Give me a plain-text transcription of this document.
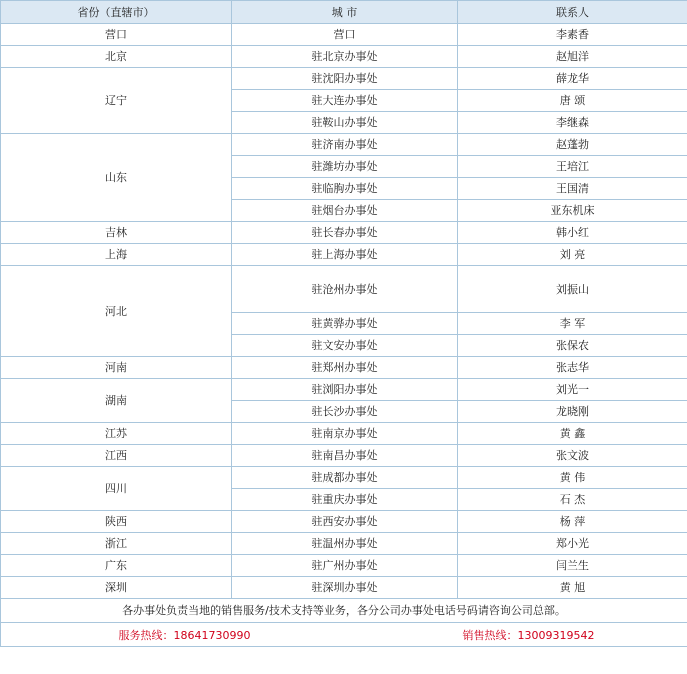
省份（直辖市）	城 市	联系人
营口	营口	李素香
北京	驻北京办事处	赵旭洋
辽宁	驻沈阳办事处	薛龙华
	驻大连办事处	唐 颂
	驻鞍山办事处	李继森
山东	驻济南办事处	赵蓬勃
	驻潍坊办事处	王培江
	驻临朐办事处	王国清
	驻烟台办事处	亚东机床
吉林	驻长春办事处	韩小红
上海	驻上海办事处	刘 亮
河北	驻沧州办事处	刘振山
	驻黄骅办事处	李 军
	驻文安办事处	张保农
河南	驻郑州办事处	张志华
湖南	驻浏阳办事处	刘光一
	驻长沙办事处	龙晓刚
江苏	驻南京办事处	黄 鑫
江西	驻南昌办事处	张文波
四川	驻成都办事处	黄 伟
	驻重庆办事处	石 杰
陕西	驻西安办事处	杨 萍
浙江	驻温州办事处	郑小光
广东	驻广州办事处	闫兰生
深圳	驻深圳办事处	黄 旭
各办事处负责当地的销售服务/技术支持等业务，各分公司办事处电话号码请咨询公司总部。		

服务热线：18641730990 销售热线：13009319542		
